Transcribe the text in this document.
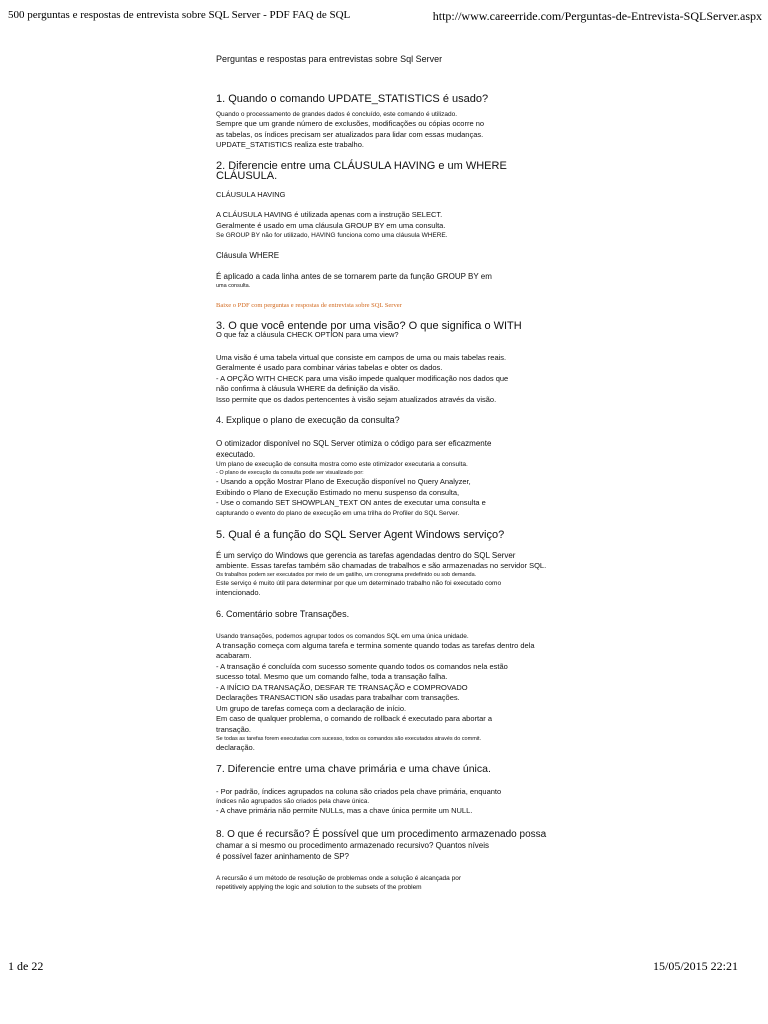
500 perguntas e respostas de entrevista sobre SQL Server - PDF FAQ de SQL	http://www.careerride.com/Perguntas-de-Entrevista-SQLServer.aspx
Perguntas e respostas para entrevistas sobre Sql Server
1. Quando o comando UPDATE_STATISTICS é usado?

Quando o processamento de grandes dados é concluído, este comando é utilizado.

Sempre que um grande número de exclusões, modificações ou cópias ocorre no

as tabelas, os índices precisam ser atualizados para lidar com essas mudanças.

UPDATE_STATISTICS realiza este trabalho.

2. Diferencie entre uma CLÁUSULA HAVING e um WHERE CLÁUSULA.

CLÁUSULA HAVING

A CLÁUSULA HAVING é utilizada apenas com a instrução SELECT.

Geralmente é usado em uma cláusula GROUP BY em uma consulta.

Se GROUP BY não for utilizado, HAVING funciona como uma cláusula WHERE.

Cláusula WHERE

É aplicado a cada linha antes de se tornarem parte da função GROUP BY em

uma consulta.

Baixe o PDF com perguntas e respostas de entrevista sobre SQL Server

3. O que você entende por uma visão? O que significa o WITH

O que faz a cláusula CHECK OPTION para uma view?

Uma visão é uma tabela virtual que consiste em campos de uma ou mais tabelas reais.

Geralmente é usado para combinar várias tabelas e obter os dados.

- A OPÇÃO WITH CHECK para uma visão impede qualquer modificação nos dados que

não confirma à cláusula WHERE da definição da visão.

Isso permite que os dados pertencentes à visão sejam atualizados através da visão.

4. Explique o plano de execução da consulta?

O otimizador disponível no SQL Server otimiza o código para ser eficazmente

executado.

Um plano de execução de consulta mostra como este otimizador executaria a consulta.

- O plano de execução da consulta pode ser visualizado por:

- Usando a opção Mostrar Plano de Execução disponível no Query Analyzer,

Exibindo o Plano de Execução Estimado no menu suspenso da consulta,

- Use o comando SET SHOWPLAN_TEXT ON antes de executar uma consulta e

capturando o evento do plano de execução em uma trilha do Profiler do SQL Server.

5. Qual é a função do SQL Server Agent Windows serviço?

É um serviço do Windows que gerencia as tarefas agendadas dentro do SQL Server

ambiente. Essas tarefas também são chamadas de trabalhos e são armazenadas no servidor SQL.

Os trabalhos podem ser executados por meio de um gatilho, um cronograma predefinido ou sob demanda.

Este serviço é muito útil para determinar por que um determinado trabalho não foi executado como

intencionado.

6. Comentário sobre Transações.

Usando transações, podemos agrupar todos os comandos SQL em uma única unidade.

A transação começa com alguma tarefa e termina somente quando todas as tarefas dentro dela

acabaram.

- A transação é concluída com sucesso somente quando todos os comandos nela estão

sucesso total. Mesmo que um comando falhe, toda a transação falha.

- A INÍCIO DA TRANSAÇÃO, DESFAR TE TRANSAÇÃO e COMPROVADO

Declarações TRANSACTION são usadas para trabalhar com transações.

Um grupo de tarefas começa com a declaração de início.

Em caso de qualquer problema, o comando de rollback é executado para abortar a

transação.

Se todas as tarefas forem executadas com sucesso, todos os comandos são executados através do commit.

declaração.

7. Diferencie entre uma chave primária e uma chave única.

- Por padrão, índices agrupados na coluna são criados pela chave primária, enquanto

índices não agrupados são criados pela chave única.

- A chave primária não permite NULLs, mas a chave única permite um NULL.

8. O que é recursão? É possível que um procedimento armazenado possa
chamar a si mesmo ou procedimento armazenado recursivo? Quantos níveis
é possível fazer aninhamento de SP?

A recursão é um método de resolução de problemas onde a solução é alcançada por

repetitively applying the logic and solution to the subsets of the problem

1 de 22	15/05/2015 22:21
